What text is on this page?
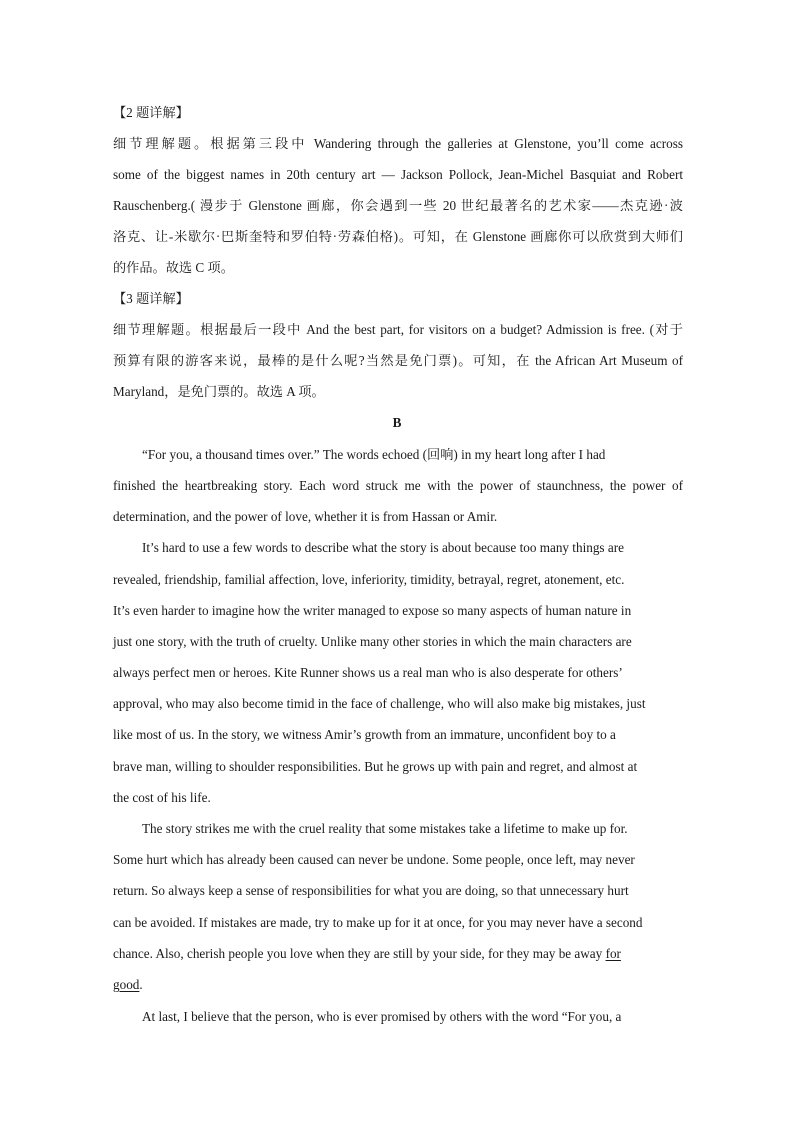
【2 题详解】
细节理解题。根据第三段中 Wandering through the galleries at Glenstone, you’ll come across
some of the biggest names in 20th century art — Jackson Pollock, Jean-Michel Basquiat and Robert
Rauschenberg.( 漫步于 Glenstone 画廊，你会遇到一些 20 世纪最著名的艺术家——杰克逊·波
洛克、让-米歇尔·巴斯奎特和罗伯特·劳森伯格)。可知，在 Glenstone 画廊你可以欣赏到大师们
的作品。故选 C 项。
【3 题详解】
细节理解题。根据最后一段中 And the best part, for visitors on a budget? Admission is free. (对于
预算有限的游客来说，最棒的是什么呢?当然是免门票)。可知，在 the African Art Museum of
Maryland，是免门票的。故选 A 项。
B
“For you, a thousand times over.” The words echoed (回响) in my heart long after I had
finished the heartbreaking story. Each word struck me with the power of staunchness, the power of
determination, and the power of love, whether it is from Hassan or Amir.
It’s hard to use a few words to describe what the story is about because too many things are
revealed, friendship, familial affection, love, inferiority, timidity, betrayal, regret, atonement, etc.
It’s even harder to imagine how the writer managed to expose so many aspects of human nature in
just one story, with the truth of cruelty. Unlike many other stories in which the main characters are
always perfect men or heroes. Kite Runner shows us a real man who is also desperate for others’
approval, who may also become timid in the face of challenge, who will also make big mistakes, just
like most of us. In the story, we witness Amir’s growth from an immature, unconfident boy to a
brave man, willing to shoulder responsibilities. But he grows up with pain and regret, and almost at
the cost of his life.
The story strikes me with the cruel reality that some mistakes take a lifetime to make up for.
Some hurt which has already been caused can never be undone. Some people, once left, may never
return. So always keep a sense of responsibilities for what you are doing, so that unnecessary hurt
can be avoided. If mistakes are made, try to make up for it at once, for you may never have a second
chance. Also, cherish people you love when they are still by your side, for they may be away for
good.
At last, I believe that the person, who is ever promised by others with the word “For you, a
